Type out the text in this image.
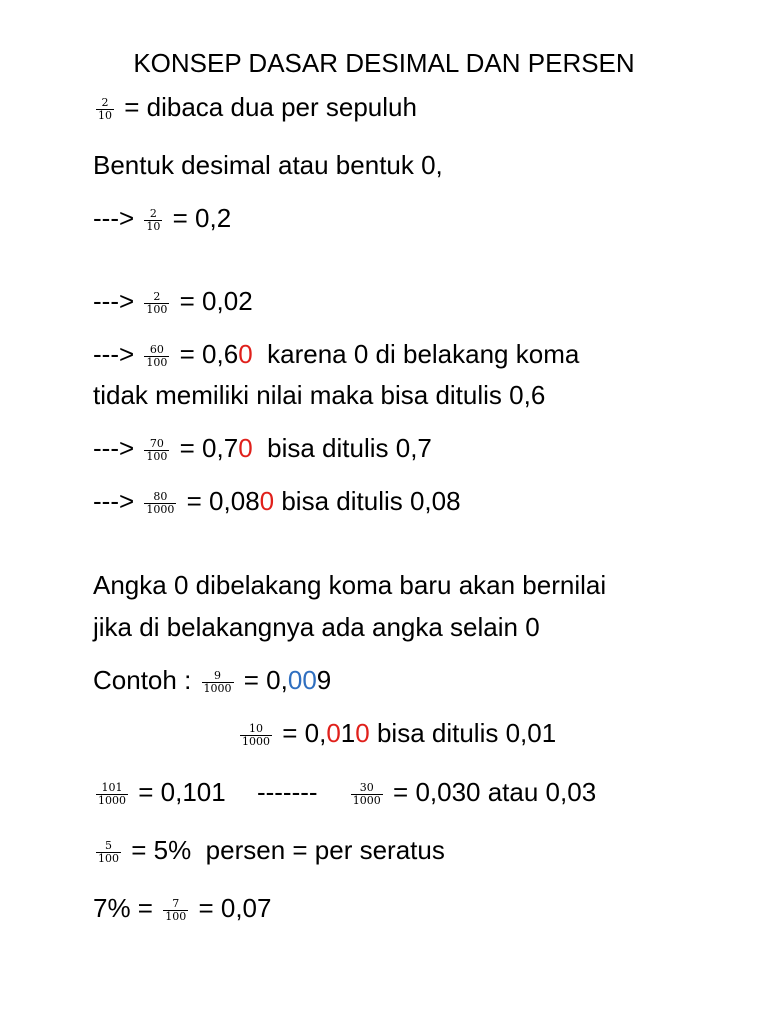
KONSEP DASAR DESIMAL DAN PERSEN
$\frac{2}{10}$ = dibaca dua per sepuluh
Bentuk desimal atau bentuk 0,
---> $\frac{2}{10} = 0,2$
---> $\frac{2}{100} = 0,02$
---> $\frac{60}{100} = 0,60$  karena 0 di belakang koma
tidak memiliki nilai maka bisa ditulis 0,6
---> $\frac{70}{100} = 0,70$  bisa ditulis 0,7
---> $\frac{80}{1000} = 0,080$ bisa ditulis 0,08
Angka 0 dibelakang koma baru akan bernilai
jika di belakangnya ada angka selain 0
Contoh : $\frac{9}{1000} = 0,009$
$\frac{10}{1000} = 0,010$ bisa ditulis 0,01
$\frac{101}{1000} = 0,101$ -------	$\frac{30}{1000} = 0,030$ atau 0,03
$\frac{5}{100} = 5\%$  persen = per seratus
$7\% = \frac{7}{100} = 0,07$
